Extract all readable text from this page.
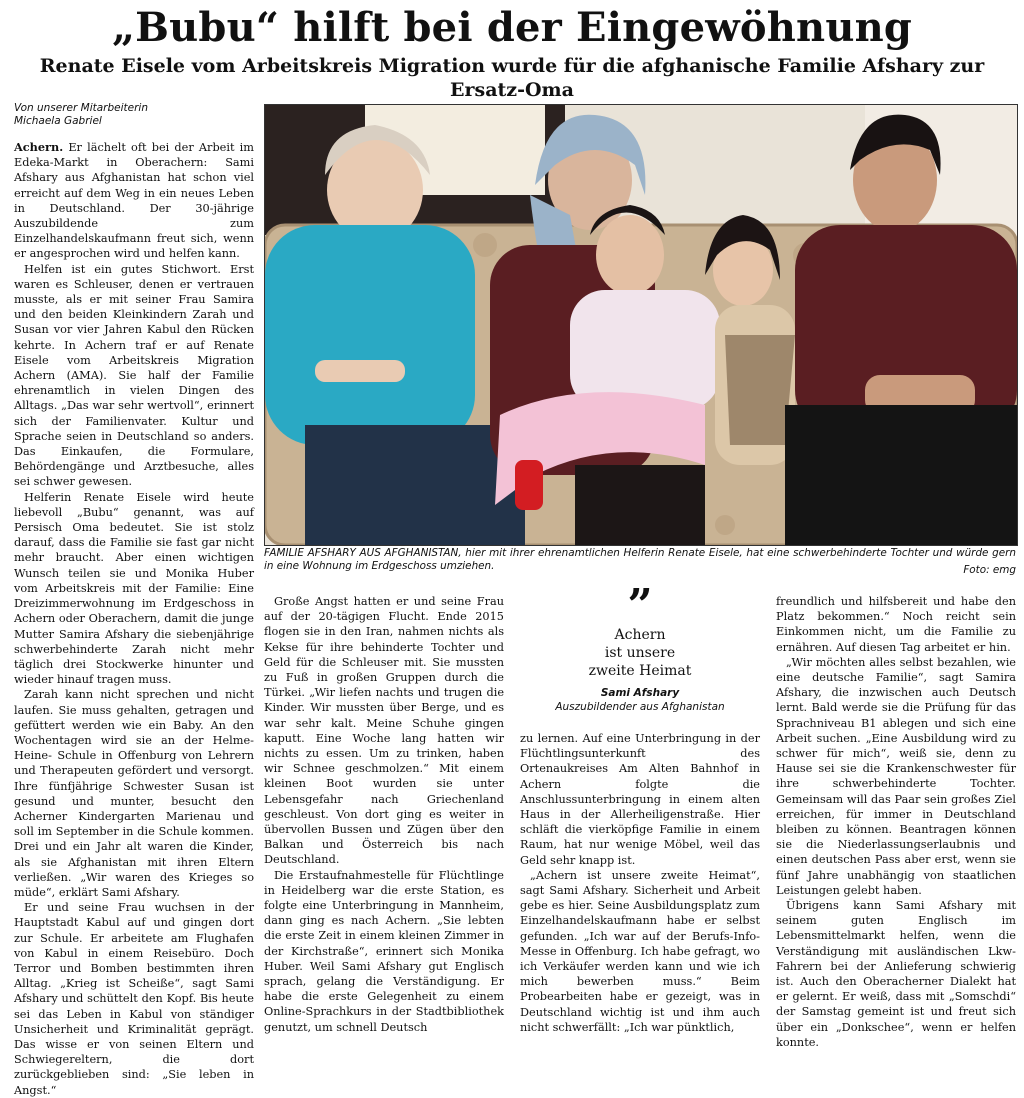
„Bubu“ hilft bei der Eingewöhnung
Renate Eisele vom Arbeitskreis Migration wurde für die afghanische Familie Afshary zur Ersatz-Oma
Von unserer Mitarbeiterin
Michaela Gabriel

Achern. Er lächelt oft bei der Arbeit im Edeka-Markt in Oberachern: Sami Afshary aus Afghanistan hat schon viel erreicht auf dem Weg in ein neues Leben in Deutschland. Der 30-jährige Auszubildende zum Einzelhandelskaufmann freut sich, wenn er angesprochen wird und helfen kann.

Helfen ist ein gutes Stichwort. Erst waren es Schleuser, denen er vertrauen musste, als er mit seiner Frau Samira und den beiden Kleinkindern Zarah und Susan vor vier Jahren Kabul den Rücken kehrte. In Achern traf er auf Renate Eisele vom Arbeitskreis Migration Achern (AMA). Sie half der Familie ehrenamtlich in vielen Dingen des Alltags. „Das war sehr wertvoll“, erinnert sich der Familienvater. Kultur und Sprache seien in Deutschland so anders. Das Einkaufen, die Formulare, Behördengänge und Arztbesuche, alles sei schwer gewesen.

Helferin Renate Eisele wird heute liebevoll „Bubu“ genannt, was auf Persisch Oma bedeutet. Sie ist stolz darauf, dass die Familie sie fast gar nicht mehr braucht. Aber einen wichtigen Wunsch teilen sie und Monika Huber vom Arbeitskreis mit der Familie: Eine Dreizimmerwohnung im Erdgeschoss in Achern oder Oberachern, damit die junge Mutter Samira Afshary die siebenjährige schwerbehinderte Zarah nicht mehr täglich drei Stockwerke hinunter und wieder hinauf tragen muss.

Zarah kann nicht sprechen und nicht laufen. Sie muss gehalten, getragen und gefüttert werden wie ein Baby. An den Wochentagen wird sie an der Helme-Heine- Schule in Offenburg von Lehrern und Therapeuten gefördert und versorgt. Ihre fünfjährige Schwester Susan ist gesund und munter, besucht den Acherner Kindergarten Marienau und soll im September in die Schule kommen. Drei und ein Jahr alt waren die Kinder, als sie Afghanistan mit ihren Eltern verließen. „Wir waren des Krieges so müde“, erklärt Sami Afshary.

Er und seine Frau wuchsen in der Hauptstadt Kabul auf und gingen dort zur Schule. Er arbeitete am Flughafen von Kabul in einem Reisebüro. Doch Terror und Bomben bestimmten ihren Alltag. „Krieg ist Scheiße“, sagt Sami Afshary und schüttelt den Kopf. Bis heute sei das Leben in Kabul von ständiger Unsicherheit und Kriminalität geprägt. Das wisse er von seinen Eltern und Schwiegereltern, die dort zurückgeblieben sind: „Sie leben in Angst.“

FAMILIE AFSHARY AUS AFGHANISTAN, hier mit ihrer ehrenamtlichen Helferin Renate Eisele, hat eine schwerbehinderte Tochter und würde gern in eine Wohnung im Erdgeschoss umziehen.	Foto: emg

Große Angst hatten er und seine Frau auf der 20-tägigen Flucht. Ende 2015 flogen sie in den Iran, nahmen nichts als Kekse für ihre behinderte Tochter und Geld für die Schleuser mit. Sie mussten zu Fuß in großen Gruppen durch die Türkei. „Wir liefen nachts und trugen die Kinder. Wir mussten über Berge, und es war sehr kalt. Meine Schuhe gingen kaputt. Eine Woche lang hatten wir nichts zu essen. Um zu trinken, haben wir Schnee geschmolzen.“ Mit einem kleinen Boot wurden sie unter Lebensgefahr nach Griechenland geschleust. Von dort ging es weiter in übervollen Bussen und Zügen über den Balkan und Österreich bis nach Deutschland.

Die Erstaufnahmestelle für Flüchtlinge in Heidelberg war die erste Station, es folgte eine Unterbringung in Mannheim, dann ging es nach Achern. „Sie lebten die erste Zeit in einem kleinen Zimmer in der Kirchstraße“, erinnert sich Monika Huber. Weil Sami Afshary gut Englisch sprach, gelang die Verständigung. Er habe die erste Gelegenheit zu einem Online-Sprachkurs in der Stadtbibliothek genutzt, um schnell Deutsch

”
Achern
ist unsere
zweite Heimat
Sami Afshary
Auszubildender aus Afghanistan

zu lernen. Auf eine Unterbringung in der Flüchtlingsunterkunft des Ortenaukreises Am Alten Bahnhof in Achern folgte die Anschlussunterbringung in einem alten Haus in der Allerheiligenstraße. Hier schläft die vierköpfige Familie in einem Raum, hat nur wenige Möbel, weil das Geld sehr knapp ist.

„Achern ist unsere zweite Heimat“, sagt Sami Afshary. Sicherheit und Arbeit gebe es hier. Seine Ausbildungsplatz zum Einzelhandelskaufmann habe er selbst gefunden. „Ich war auf der Berufs-Info-Messe in Offenburg. Ich habe gefragt, wo ich Verkäufer werden kann und wie ich mich bewerben muss.“ Beim Probearbeiten habe er gezeigt, was in Deutschland wichtig ist und ihm auch nicht schwerfällt: „Ich war pünktlich,

freundlich und hilfsbereit und habe den Platz bekommen.“ Noch reicht sein Einkommen nicht, um die Familie zu ernähren. Auf diesen Tag arbeitet er hin.

„Wir möchten alles selbst bezahlen, wie eine deutsche Familie“, sagt Samira Afshary, die inzwischen auch Deutsch lernt. Bald werde sie die Prüfung für das Sprachniveau B1 ablegen und sich eine Arbeit suchen. „Eine Ausbildung wird zu schwer für mich“, weiß sie, denn zu Hause sei sie die Krankenschwester für ihre schwerbehinderte Tochter. Gemeinsam will das Paar sein großes Ziel erreichen, für immer in Deutschland bleiben zu können. Beantragen können sie die Niederlassungserlaubnis und einen deutschen Pass aber erst, wenn sie fünf Jahre unabhängig von staatlichen Leistungen gelebt haben.

Übrigens kann Sami Afshary mit seinem guten Englisch im Lebensmittelmarkt helfen, wenn die Verständigung mit ausländischen Lkw-Fahrern bei der Anlieferung schwierig ist. Auch den Oberacherner Dialekt hat er gelernt. Er weiß, dass mit „Somschdi“ der Samstag gemeint ist und freut sich über ein „Donkschee“, wenn er helfen konnte.
